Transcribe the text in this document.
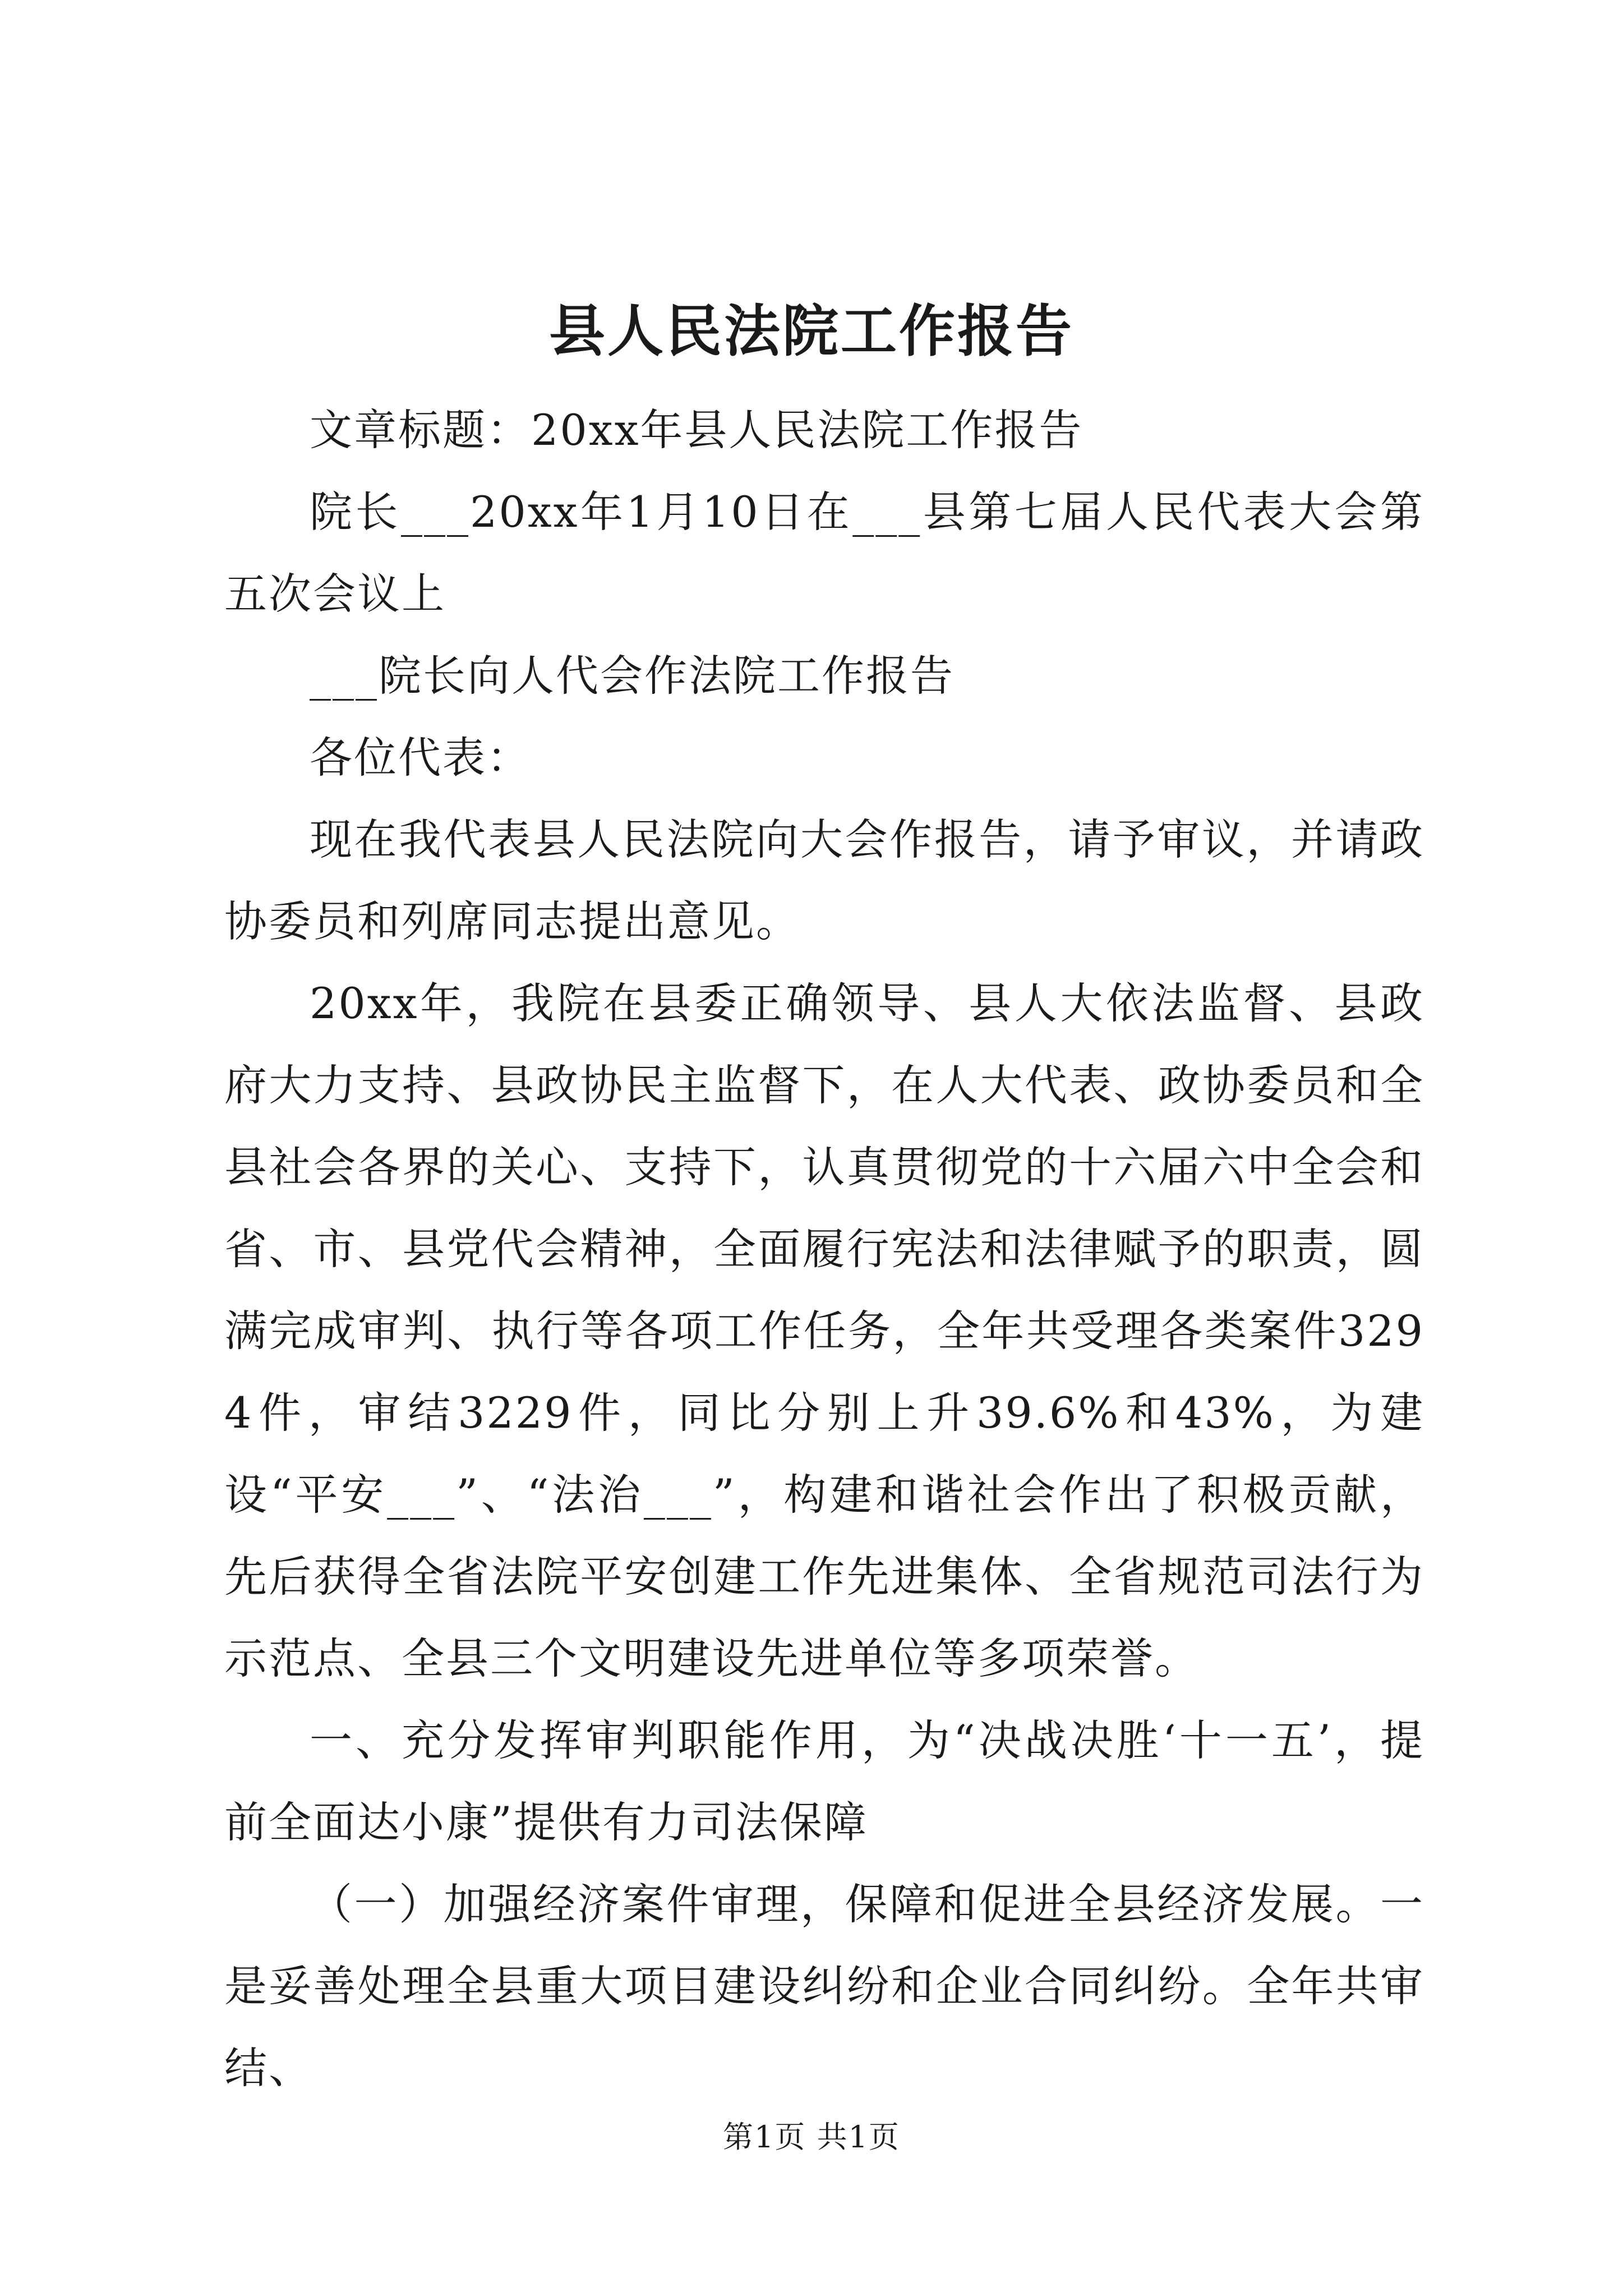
县人民法院工作报告

文章标题：20xx年县人民法院工作报告

院长___20xx年1月10日在___县第七届人民代表大会第五次会议上

___院长向人代会作法院工作报告

各位代表：

现在我代表县人民法院向大会作报告，请予审议，并请政协委员和列席同志提出意见。

20xx年，我院在县委正确领导、县人大依法监督、县政府大力支持、县政协民主监督下，在人大代表、政协委员和全县社会各界的关心、支持下，认真贯彻党的十六届六中全会和省、市、县党代会精神，全面履行宪法和法律赋予的职责，圆满完成审判、执行等各项工作任务，全年共受理各类案件3294件，审结3229件，同比分别上升39.6%和43%，为建设“平安___”、“法治___”，构建和谐社会作出了积极贡献，先后获得全省法院平安创建工作先进集体、全省规范司法行为示范点、全县三个文明建设先进单位等多项荣誉。

一、充分发挥审判职能作用，为“决战决胜‘十一五’，提前全面达小康”提供有力司法保障

（一）加强经济案件审理，保障和促进全县经济发展。一是妥善处理全县重大项目建设纠纷和企业合同纠纷。全年共审结、

第1页 共1页
